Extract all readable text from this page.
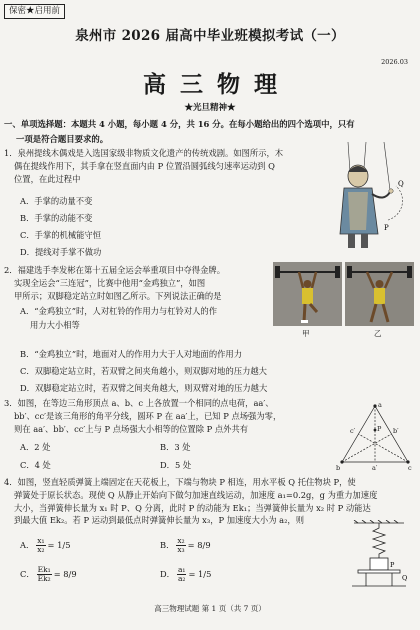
保密★启用前
泉州市 2026 届高中毕业班模拟考试（一）
2026.03
高三物理
★光旦精神★
一、单项选择题：本题共 4 小题，每小题 4 分，共 16 分。在每小题给出的四个选项中，只有
一项是符合题目要求的。
1．泉州提线木偶戏是入选国家级非物质文化遗产的传统戏剧。如图所示，木
偶在提线作用下，其手拿在竖直面内由 P 位置沿圆弧线匀速率运动到 Q
位置，在此过程中
A．手掌的动量不变
B．手掌的动能不变
C．手掌的机械能守恒
D．提线对手掌不做功
Q
P
2．福建选手李发彬在第十五届全运会举重项目中夺得金牌。
实现全运会“三连冠”，比赛中他用“金鸡独立”，如图
甲所示；双脚稳定站立时如图乙所示。下列说法正确的是
A．“金鸡独立”时，人对杠铃的作用力与杠铃对人的作
用力大小相等
B．“金鸡独立”时，地面对人的作用力大于人对地面的作用力
C．双脚稳定站立时，若双臂之间夹角越小，则双脚对地的压力越大
D．双脚稳定站立时，若双臂之间夹角越大，则双臂对地的压力越大
甲	乙
3．如图，在等边三角形顶点 a、b、c 上各放置一个相同的点电荷，aa′、
bb′、cc′是该三角形的角平分线，圆环 P 在 aa′上，已知 P 点场强为零，
则在 aa′、bb′、cc′上与 P 点场强大小相等的位置除 P 点外共有
A．2 处	B．3 处
C．4 处	D．5 处
a
b	c
a′
b′
c′	P
4．如图，竖直轻质弹簧上端固定在天花板上，下端与物块 P 相连，用水平板 Q 托住物块 P，使
弹簧处于原长状态。现使 Q 从静止开始向下做匀加速直线运动，加速度 a₁=0.2g，g 为重力加速度
大小，当弹簧伸长量为 x₁ 时 P、Q 分离，此时 P 的动能为 Ek₁；当弹簧伸长量为 x₂ 时 P 动能达
到最大值 Ek₂。若 P 运动到最低点时弹簧伸长量为 x₃，P 加速度大小为 a₂，则
A． $\frac{\text{x₁}}{\text{x₂}} = 1/5$	B． $\frac{\text{x₂}}{\text{x₃}} = 8/9$
C． $\frac{\text{Ek₁}}{\text{Ek₂}} = 8/9$	D． $\frac{\text{a₁}}{\text{a₂}} = 1/5$
P
Q
高三物理试题 第 1 页（共 7 页）
